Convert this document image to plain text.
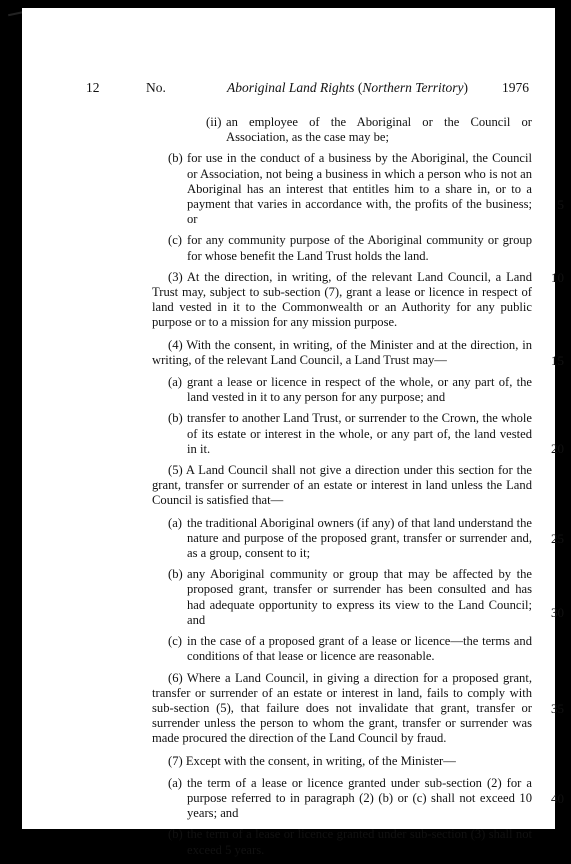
12	No.	Aboriginal Land Rights (Northern Territory)	1976
(ii) an employee of the Aboriginal or the Council or Association, as the case may be;
(b) for use in the conduct of a business by the Aboriginal, the Council or Association, not being a business in which a person who is not an Aboriginal has an interest that entitles him to a share in, or to a payment that varies in accordance with, the profits of the business; or
5
(c) for any community purpose of the Aboriginal community or group for whose benefit the Land Trust holds the land.

(3) At the direction, in writing, of the relevant Land Council, a Land Trust may, subject to sub-section (7), grant a lease or licence in respect of land vested in it to the Commonwealth or an Authority for any public purpose or to a mission for any mission purpose.
10

(4) With the consent, in writing, of the Minister and at the direction, in writing, of the relevant Land Council, a Land Trust may—	15

(a) grant a lease or licence in respect of the whole, or any part of, the land vested in it to any person for any purpose; and
(b) transfer to another Land Trust, or surrender to the Crown, the whole of its estate or interest in the whole, or any part of, the land vested in it.	20

(5) A Land Council shall not give a direction under this section for the grant, transfer or surrender of an estate or interest in land unless the Land Council is satisfied that—

(a) the traditional Aboriginal owners (if any) of that land understand the nature and purpose of the proposed grant, transfer or surrender and, as a group, consent to it;
25
(b) any Aboriginal community or group that may be affected by the proposed grant, transfer or surrender has been consulted and has had adequate opportunity to express its view to the Land Council; and	30
(c) in the case of a proposed grant of a lease or licence—the terms and conditions of that lease or licence are reasonable.

(6) Where a Land Council, in giving a direction for a proposed grant, transfer or surrender of an estate or interest in land, fails to comply with sub-section (5), that failure does not invalidate that grant, transfer or surrender unless the person to whom the grant, transfer or surrender was made procured the direction of the Land Council by fraud.
35

(7) Except with the consent, in writing, of the Minister—

(a) the term of a lease or licence granted under sub-section (2) for a purpose referred to in paragraph (2) (b) or (c) shall not exceed 10 years; and
40
(b) the term of a lease or licence granted under sub-section (3) shall not exceed 5 years.
